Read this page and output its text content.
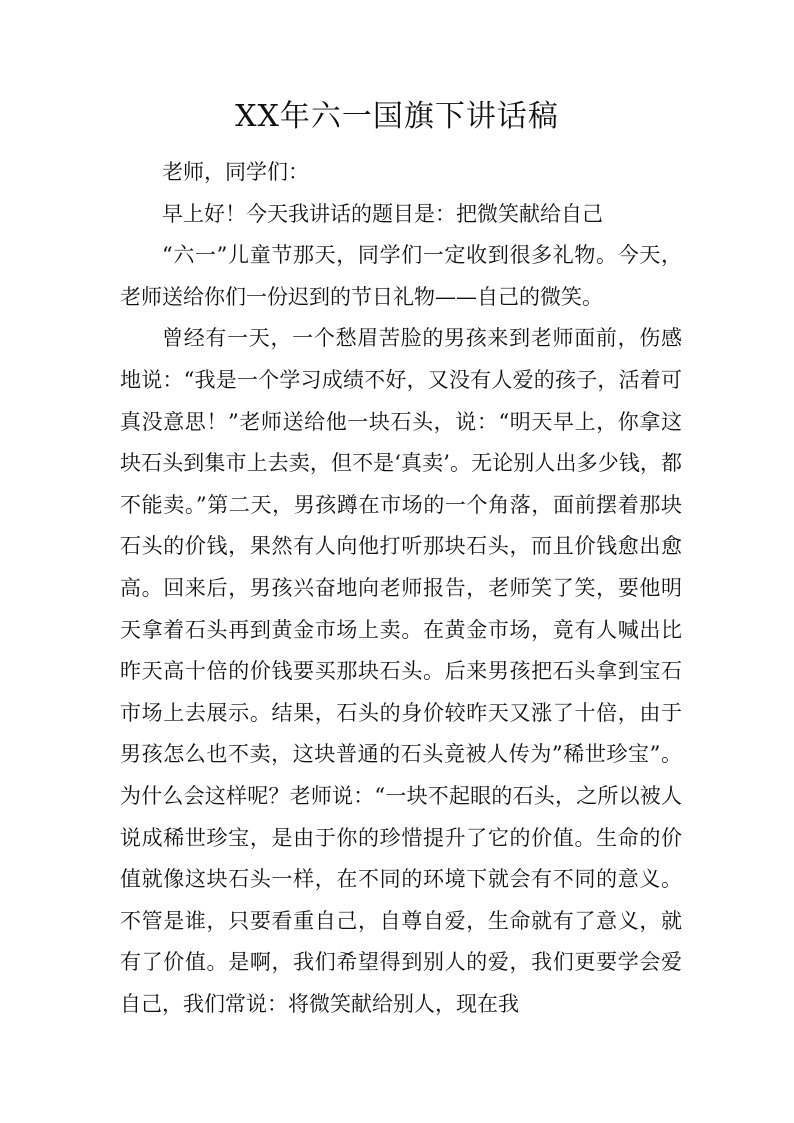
XX年六一国旗下讲话稿

老师，同学们：

早上好！今天我讲话的题目是：把微笑献给自己

“六一”儿童节那天，同学们一定收到很多礼物。今天，老师送给你们一份迟到的节日礼物——自己的微笑。

曾经有一天，一个愁眉苦脸的男孩来到老师面前，伤感地说：“我是一个学习成绩不好，又没有人爱的孩子，活着可真没意思！”老师送给他一块石头，说：“明天早上，你拿这块石头到集市上去卖，但不是‘真卖’。无论别人出多少钱，都不能卖。”第二天，男孩蹲在市场的一个角落，面前摆着那块石头的价钱，果然有人向他打听那块石头，而且价钱愈出愈高。回来后，男孩兴奋地向老师报告，老师笑了笑，要他明天拿着石头再到黄金市场上卖。在黄金市场，竟有人喊出比昨天高十倍的价钱要买那块石头。后来男孩把石头拿到宝石市场上去展示。结果，石头的身价较昨天又涨了十倍，由于男孩怎么也不卖，这块普通的石头竟被人传为”稀世珍宝”。为什么会这样呢？老师说：“一块不起眼的石头，之所以被人说成稀世珍宝，是由于你的珍惜提升了它的价值。生命的价值就像这块石头一样，在不同的环境下就会有不同的意义。不管是谁，只要看重自己，自尊自爱，生命就有了意义，就有了价值。是啊，我们希望得到别人的爱，我们更要学会爱自己，我们常说：将微笑献给别人，现在我
